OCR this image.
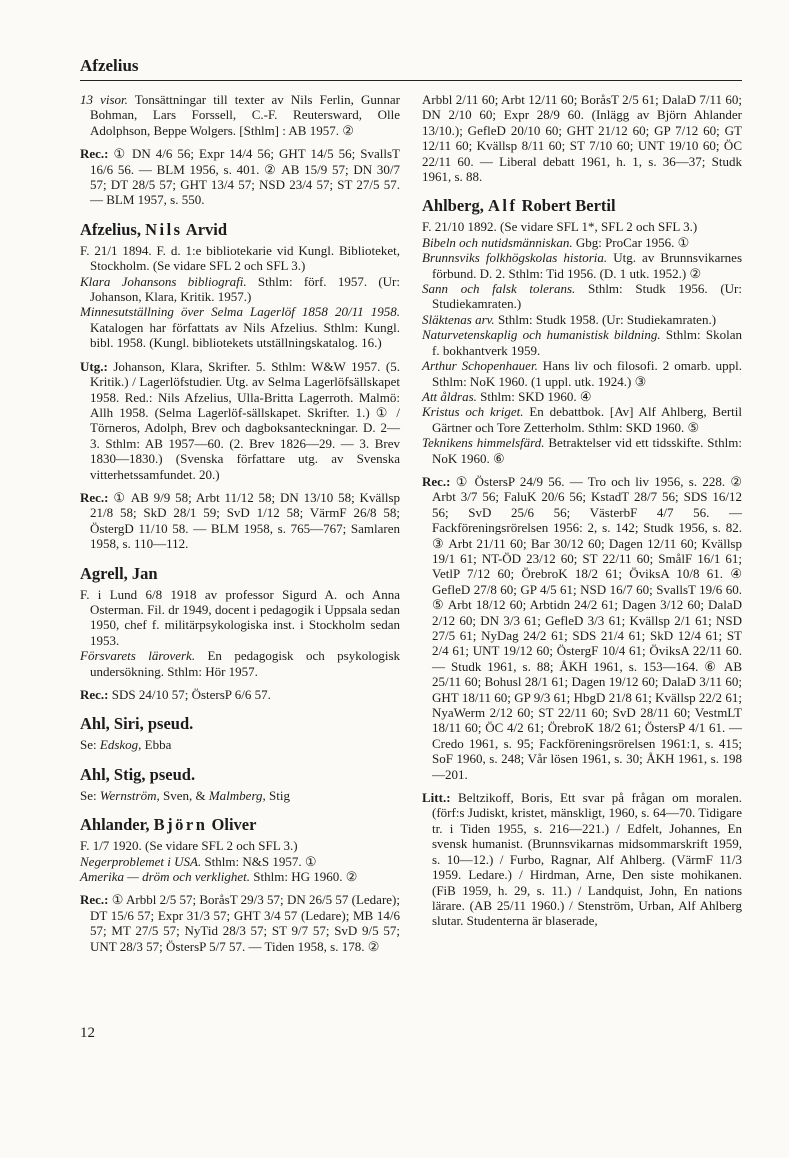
Afzelius

13 visor. Tonsättningar till texter av Nils Ferlin, Gunnar Bohman, Lars Forssell, C.-F. Reutersward, Olle Adolphson, Beppe Wolgers. [Sthlm] : AB 1957. ②

Rec.: ① DN 4/6 56; Expr 14/4 56; GHT 14/5 56; SvallsT 16/6 56. — BLM 1956, s. 401. ② AB 15/9 57; DN 30/7 57; DT 28/5 57; GHT 13/4 57; NSD 23/4 57; ST 27/5 57. — BLM 1957, s. 550.

Afzelius, Nils Arvid

F. 21/1 1894. F. d. 1:e bibliotekarie vid Kungl. Biblioteket, Stockholm. (Se vidare SFL 2 och SFL 3.)

Klara Johansons bibliografi. Sthlm: förf. 1957. (Ur: Johanson, Klara, Kritik. 1957.)

Minnesutställning över Selma Lagerlöf 1858 20/11 1958. Katalogen har författats av Nils Afzelius. Sthlm: Kungl. bibl. 1958. (Kungl. bibliotekets utställningskatalog. 16.)

Utg.: Johanson, Klara, Skrifter. 5. Sthlm: W&W 1957. (5. Kritik.) / Lagerlöfstudier. Utg. av Selma Lagerlöfsällskapet 1958. Red.: Nils Afzelius, Ulla-Britta Lagerroth. Malmö: Allh 1958. (Selma Lagerlöf-sällskapet. Skrifter. 1.) ① / Törneros, Adolph, Brev och dagboksanteckningar. D. 2—3. Sthlm: AB 1957—60. (2. Brev 1826—29. — 3. Brev 1830—1830.) (Svenska författare utg. av Svenska vitterhetssamfundet. 20.)

Rec.: ① AB 9/9 58; Arbt 11/12 58; DN 13/10 58; Kvällsp 21/8 58; SkD 28/1 59; SvD 1/12 58; VärmF 26/8 58; ÖstergD 11/10 58. — BLM 1958, s. 765—767; Samlaren 1958, s. 110—112.

Agrell, Jan

F. i Lund 6/8 1918 av professor Sigurd A. och Anna Osterman. Fil. dr 1949, docent i pedagogik i Uppsala sedan 1950, chef f. militärpsykologiska inst. i Stockholm sedan 1953.

Försvarets läroverk. En pedagogisk och psykologisk undersökning. Sthlm: Hör 1957.

Rec.: SDS 24/10 57; ÖstersP 6/6 57.

Ahl, Siri, pseud.

Se: Edskog, Ebba

Ahl, Stig, pseud.

Se: Wernström, Sven, & Malmberg, Stig

Ahlander, Björn Oliver

F. 1/7 1920. (Se vidare SFL 2 och SFL 3.)

Negerproblemet i USA. Sthlm: N&S 1957. ①

Amerika — dröm och verklighet. Sthlm: HG 1960. ②

Rec.: ① Arbbl 2/5 57; BoråsT 29/3 57; DN 26/5 57 (Ledare); DT 15/6 57; Expr 31/3 57; GHT 3/4 57 (Ledare); MB 14/6 57; MT 27/5 57; NyTid 28/3 57; ST 9/7 57; SvD 9/5 57; UNT 28/3 57; ÖstersP 5/7 57. — Tiden 1958, s. 178. ②

Arbbl 2/11 60; Arbt 12/11 60; BoråsT 2/5 61; DalaD 7/11 60; DN 2/10 60; Expr 28/9 60. (Inlägg av Björn Ahlander 13/10.); GefleD 20/10 60; GHT 21/12 60; GP 7/12 60; GT 12/11 60; Kvällsp 8/11 60; ST 7/10 60; UNT 19/10 60; ÖC 22/11 60. — Liberal debatt 1961, h. 1, s. 36—37; Studk 1961, s. 88.

Ahlberg, Alf Robert Bertil

F. 21/10 1892. (Se vidare SFL 1*, SFL 2 och SFL 3.)

Bibeln och nutidsmänniskan. Gbg: ProCar 1956. ①

Brunnsviks folkhögskolas historia. Utg. av Brunnsvikarnes förbund. D. 2. Sthlm: Tid 1956. (D. 1 utk. 1952.) ②

Sann och falsk tolerans. Sthlm: Studk 1956. (Ur: Studiekamraten.)

Släktenas arv. Sthlm: Studk 1958. (Ur: Studiekamraten.)

Naturvetenskaplig och humanistisk bildning. Sthlm: Skolan f. bokhantverk 1959.

Arthur Schopenhauer. Hans liv och filosofi. 2 omarb. uppl. Sthlm: NoK 1960. (1 uppl. utk. 1924.) ③

Att åldras. Sthlm: SKD 1960. ④

Kristus och kriget. En debattbok. [Av] Alf Ahlberg, Bertil Gärtner och Tore Zetterholm. Sthlm: SKD 1960. ⑤

Teknikens himmelsfärd. Betraktelser vid ett tidsskifte. Sthlm: NoK 1960. ⑥

Rec.: ① ÖstersP 24/9 56. — Tro och liv 1956, s. 228. ② Arbt 3/7 56; FaluK 20/6 56; KstadT 28/7 56; SDS 16/12 56; SvD 25/6 56; VästerbF 4/7 56. — Fackföreningsrörelsen 1956: 2, s. 142; Studk 1956, s. 82. ③ Arbt 21/11 60; Bar 30/12 60; Dagen 12/11 60; Kvällsp 19/1 61; NT-ÖD 23/12 60; ST 22/11 60; SmålF 16/1 61; VetlP 7/12 60; ÖrebroK 18/2 61; ÖviksA 10/8 61. ④ GefleD 27/8 60; GP 4/5 61; NSD 16/7 60; SvallsT 19/6 60. ⑤ Arbt 18/12 60; Arbtidn 24/2 61; Dagen 3/12 60; DalaD 2/12 60; DN 3/3 61; GefleD 3/3 61; Kvällsp 2/1 61; NSD 27/5 61; NyDag 24/2 61; SDS 21/4 61; SkD 12/4 61; ST 2/4 61; UNT 19/12 60; ÖstergF 10/4 61; ÖviksA 22/11 60. — Studk 1961, s. 88; ÅKH 1961, s. 153—164. ⑥ AB 25/11 60; Bohusl 28/1 61; Dagen 19/12 60; DalaD 3/11 60; GHT 18/11 60; GP 9/3 61; HbgD 21/8 61; Kvällsp 22/2 61; NyaWerm 2/12 60; ST 22/11 60; SvD 28/11 60; VestmLT 18/11 60; ÖC 4/2 61; ÖrebroK 18/2 61; ÖstersP 4/1 61. — Credo 1961, s. 95; Fackföreningsrörelsen 1961:1, s. 415; SoF 1960, s. 248; Vår lösen 1961, s. 30; ÅKH 1961, s. 198—201.

Litt.: Beltzikoff, Boris, Ett svar på frågan om moralen. (förf:s Judiskt, kristet, mänskligt, 1960, s. 64—70. Tidigare tr. i Tiden 1955, s. 216—221.) / Edfelt, Johannes, En svensk humanist. (Brunnsvikarnas midsommarskrift 1959, s. 10—12.) / Furbo, Ragnar, Alf Ahlberg. (VärmF 11/3 1959. Ledare.) / Hirdman, Arne, Den siste mohikanen. (FiB 1959, h. 29, s. 11.) / Landquist, John, En nations lärare. (AB 25/11 1960.) / Stenström, Urban, Alf Ahlberg slutar. Studenterna är blaserade,

12
